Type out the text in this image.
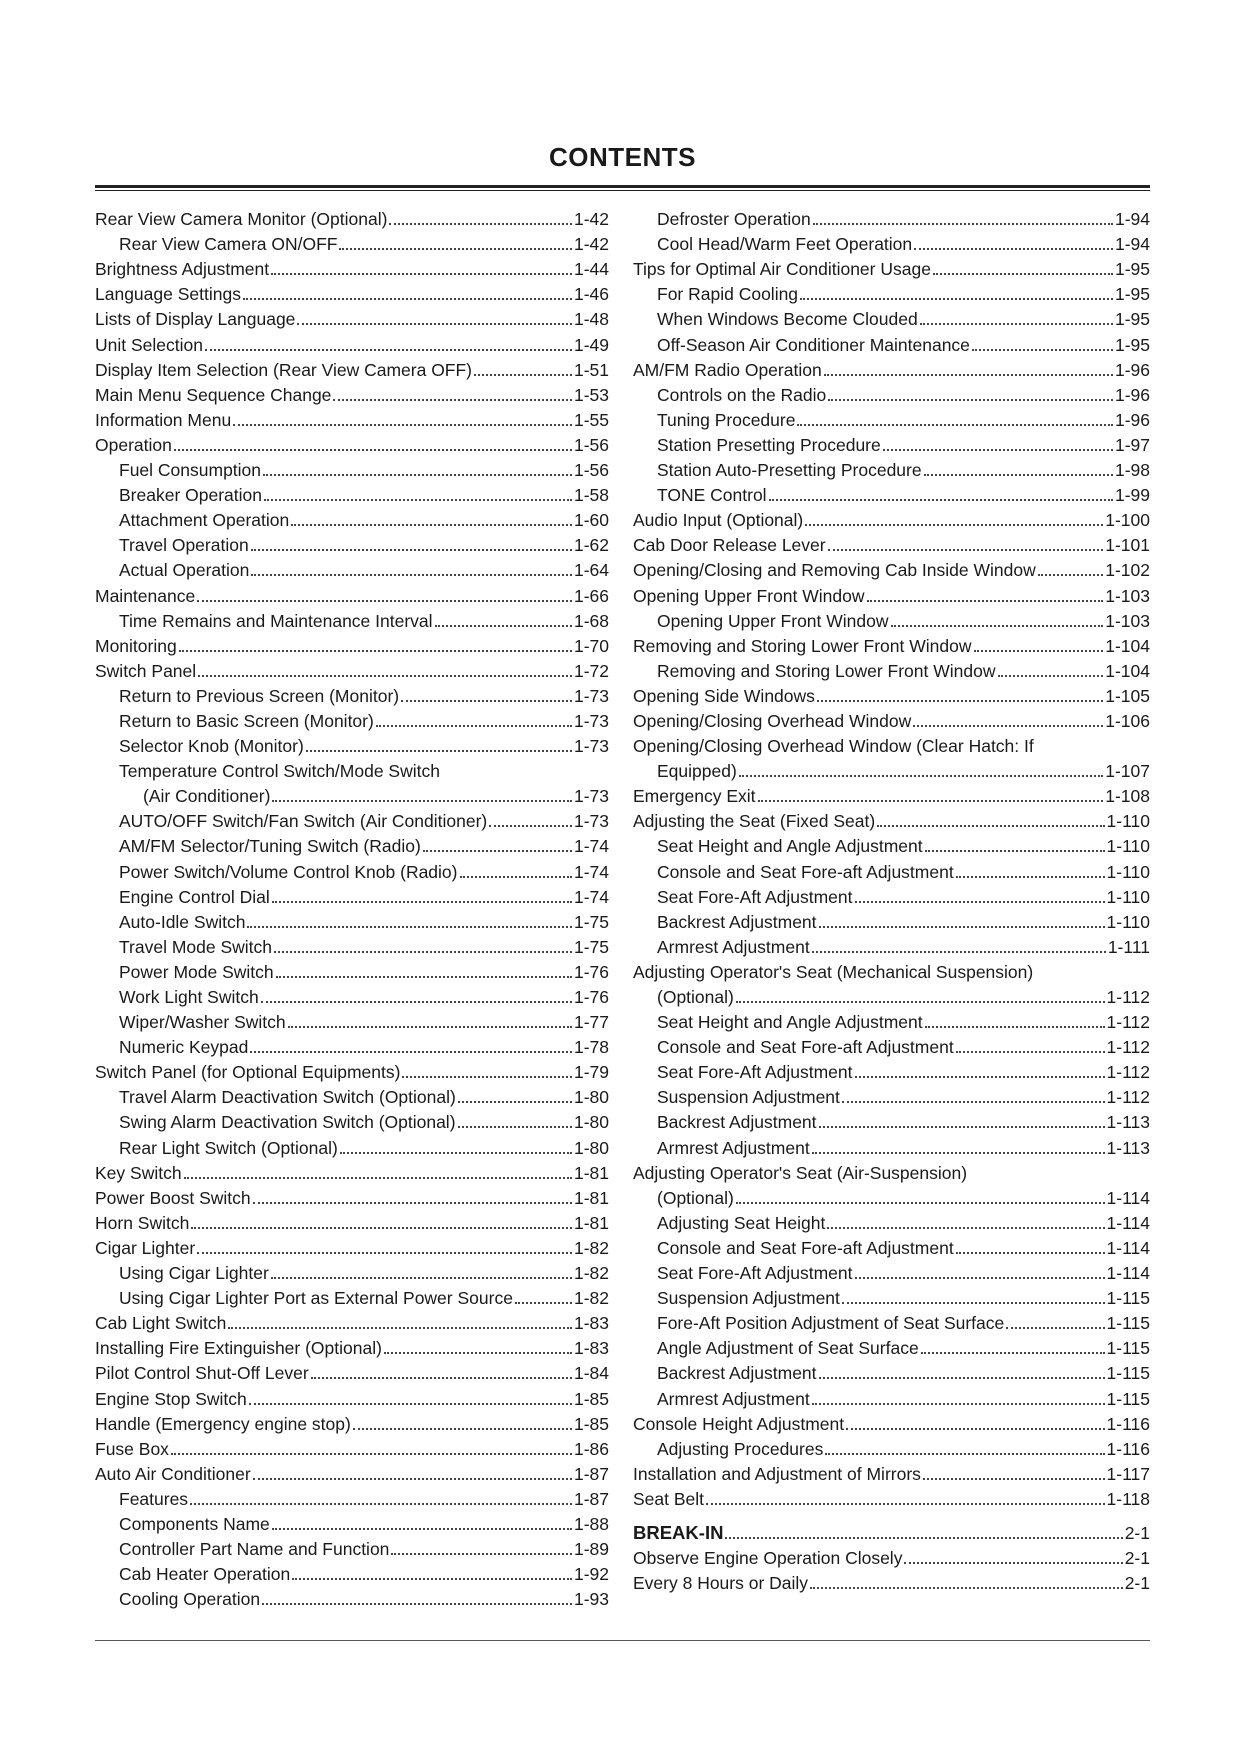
CONTENTS
Rear View Camera Monitor (Optional)	1-42
Rear View Camera ON/OFF	1-42
Brightness Adjustment	1-44
Language Settings	1-46
Lists of Display Language	1-48
Unit Selection	1-49
Display Item Selection (Rear View Camera OFF)	1-51
Main Menu Sequence Change	1-53
Information Menu	1-55
Operation	1-56
Fuel Consumption	1-56
Breaker Operation	1-58
Attachment Operation	1-60
Travel Operation	1-62
Actual Operation	1-64
Maintenance	1-66
Time Remains and Maintenance Interval	1-68
Monitoring	1-70
Switch Panel	1-72
Return to Previous Screen (Monitor)	1-73
Return to Basic Screen (Monitor)	1-73
Selector Knob (Monitor)	1-73
Temperature Control Switch/Mode Switch
(Air Conditioner)	1-73
AUTO/OFF Switch/Fan Switch (Air Conditioner)	1-73
AM/FM Selector/Tuning Switch (Radio)	1-74
Power Switch/Volume Control Knob (Radio)	1-74
Engine Control Dial	1-74
Auto-Idle Switch	1-75
Travel Mode Switch	1-75
Power Mode Switch	1-76
Work Light Switch	1-76
Wiper/Washer Switch	1-77
Numeric Keypad	1-78
Switch Panel (for Optional Equipments)	1-79
Travel Alarm Deactivation Switch (Optional)	1-80
Swing Alarm Deactivation Switch (Optional)	1-80
Rear Light Switch (Optional)	1-80
Key Switch	1-81
Power Boost Switch	1-81
Horn Switch	1-81
Cigar Lighter	1-82
Using Cigar Lighter	1-82
Using Cigar Lighter Port as External Power Source	1-82
Cab Light Switch	1-83
Installing Fire Extinguisher (Optional)	1-83
Pilot Control Shut-Off Lever	1-84
Engine Stop Switch	1-85
Handle (Emergency engine stop)	1-85
Fuse Box	1-86
Auto Air Conditioner	1-87
Features	1-87
Components Name	1-88
Controller Part Name and Function	1-89
Cab Heater Operation	1-92
Cooling Operation	1-93
Defroster Operation	1-94
Cool Head/Warm Feet Operation	1-94
Tips for Optimal Air Conditioner Usage	1-95
For Rapid Cooling	1-95
When Windows Become Clouded	1-95
Off-Season Air Conditioner Maintenance	1-95
AM/FM Radio Operation	1-96
Controls on the Radio	1-96
Tuning Procedure	1-96
Station Presetting Procedure	1-97
Station Auto-Presetting Procedure	1-98
TONE Control	1-99
Audio Input (Optional)	1-100
Cab Door Release Lever	1-101
Opening/Closing and Removing Cab Inside Window	1-102
Opening Upper Front Window	1-103
Opening Upper Front Window	1-103
Removing and Storing Lower Front Window	1-104
Removing and Storing Lower Front Window	1-104
Opening Side Windows	1-105
Opening/Closing Overhead Window	1-106
Opening/Closing Overhead Window (Clear Hatch: If
Equipped)	1-107
Emergency Exit	1-108
Adjusting the Seat (Fixed Seat)	1-110
Seat Height and Angle Adjustment	1-110
Console and Seat Fore-aft Adjustment	1-110
Seat Fore-Aft Adjustment	1-110
Backrest Adjustment	1-110
Armrest Adjustment	1-111
Adjusting Operator's Seat (Mechanical Suspension)
(Optional)	1-112
Seat Height and Angle Adjustment	1-112
Console and Seat Fore-aft Adjustment	1-112
Seat Fore-Aft Adjustment	1-112
Suspension Adjustment	1-112
Backrest Adjustment	1-113
Armrest Adjustment	1-113
Adjusting Operator's Seat (Air-Suspension)
(Optional)	1-114
Adjusting Seat Height	1-114
Console and Seat Fore-aft Adjustment	1-114
Seat Fore-Aft Adjustment	1-114
Suspension Adjustment	1-115
Fore-Aft Position Adjustment of Seat Surface	1-115
Angle Adjustment of Seat Surface	1-115
Backrest Adjustment	1-115
Armrest Adjustment	1-115
Console Height Adjustment	1-116
Adjusting Procedures	1-116
Installation and Adjustment of Mirrors	1-117
Seat Belt	1-118
BREAK-IN	2-1
Observe Engine Operation Closely	2-1
Every 8 Hours or Daily	2-1
